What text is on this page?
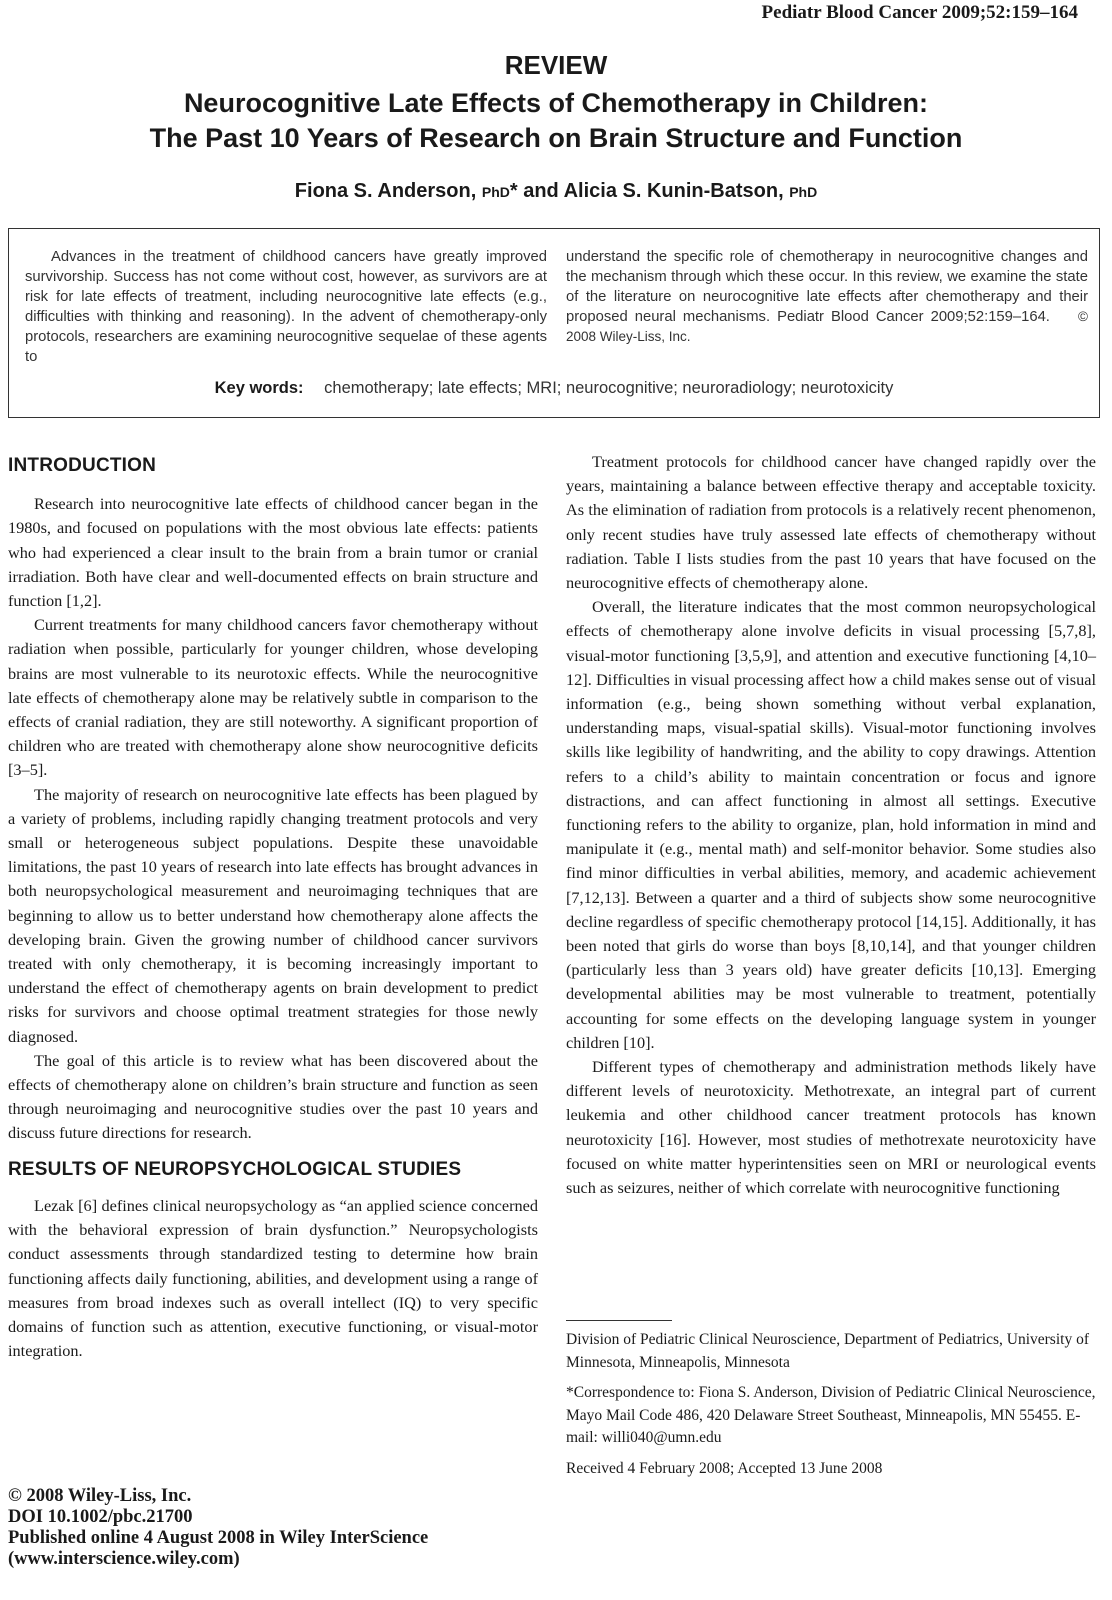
Pediatr Blood Cancer 2009;52:159–164
REVIEW
Neurocognitive Late Effects of Chemotherapy in Children:
The Past 10 Years of Research on Brain Structure and Function
Fiona S. Anderson, PhD* and Alicia S. Kunin-Batson, PhD
Advances in the treatment of childhood cancers have greatly improved survivorship. Success has not come without cost, however, as survivors are at risk for late effects of treatment, including neurocognitive late effects (e.g., difficulties with thinking and reasoning). In the advent of chemotherapy-only protocols, researchers are examining neurocognitive sequelae of these agents to
understand the specific role of chemotherapy in neurocognitive changes and the mechanism through which these occur. In this review, we examine the state of the literature on neurocognitive late effects after chemotherapy and their proposed neural mechanisms. Pediatr Blood Cancer 2009;52:159–164. © 2008 Wiley-Liss, Inc.
Key words: chemotherapy; late effects; MRI; neurocognitive; neuroradiology; neurotoxicity
INTRODUCTION

Research into neurocognitive late effects of childhood cancer began in the 1980s, and focused on populations with the most obvious late effects: patients who had experienced a clear insult to the brain from a brain tumor or cranial irradiation. Both have clear and well-documented effects on brain structure and function [1,2].

Current treatments for many childhood cancers favor chemotherapy without radiation when possible, particularly for younger children, whose developing brains are most vulnerable to its neurotoxic effects. While the neurocognitive late effects of chemotherapy alone may be relatively subtle in comparison to the effects of cranial radiation, they are still noteworthy. A significant proportion of children who are treated with chemotherapy alone show neurocognitive deficits [3–5].

The majority of research on neurocognitive late effects has been plagued by a variety of problems, including rapidly changing treatment protocols and very small or heterogeneous subject populations. Despite these unavoidable limitations, the past 10 years of research into late effects has brought advances in both neuropsychological measurement and neuroimaging techniques that are beginning to allow us to better understand how chemotherapy alone affects the developing brain. Given the growing number of childhood cancer survivors treated with only chemotherapy, it is becoming increasingly important to understand the effect of chemotherapy agents on brain development to predict risks for survivors and choose optimal treatment strategies for those newly diagnosed.

The goal of this article is to review what has been discovered about the effects of chemotherapy alone on children’s brain structure and function as seen through neuroimaging and neurocognitive studies over the past 10 years and discuss future directions for research.

RESULTS OF NEUROPSYCHOLOGICAL STUDIES

Lezak [6] defines clinical neuropsychology as “an applied science concerned with the behavioral expression of brain dysfunction.” Neuropsychologists conduct assessments through standardized testing to determine how brain functioning affects daily functioning, abilities, and development using a range of measures from broad indexes such as overall intellect (IQ) to very specific domains of function such as attention, executive functioning, or visual-motor integration.

Treatment protocols for childhood cancer have changed rapidly over the years, maintaining a balance between effective therapy and acceptable toxicity. As the elimination of radiation from protocols is a relatively recent phenomenon, only recent studies have truly assessed late effects of chemotherapy without radiation. Table I lists studies from the past 10 years that have focused on the neurocognitive effects of chemotherapy alone.

Overall, the literature indicates that the most common neuropsychological effects of chemotherapy alone involve deficits in visual processing [5,7,8], visual-motor functioning [3,5,9], and attention and executive functioning [4,10–12]. Difficulties in visual processing affect how a child makes sense out of visual information (e.g., being shown something without verbal explanation, understanding maps, visual-spatial skills). Visual-motor functioning involves skills like legibility of handwriting, and the ability to copy drawings. Attention refers to a child’s ability to maintain concentration or focus and ignore distractions, and can affect functioning in almost all settings. Executive functioning refers to the ability to organize, plan, hold information in mind and manipulate it (e.g., mental math) and self-monitor behavior. Some studies also find minor difficulties in verbal abilities, memory, and academic achievement [7,12,13]. Between a quarter and a third of subjects show some neurocognitive decline regardless of specific chemotherapy protocol [14,15]. Additionally, it has been noted that girls do worse than boys [8,10,14], and that younger children (particularly less than 3 years old) have greater deficits [10,13]. Emerging developmental abilities may be most vulnerable to treatment, potentially accounting for some effects on the developing language system in younger children [10].

Different types of chemotherapy and administration methods likely have different levels of neurotoxicity. Methotrexate, an integral part of current leukemia and other childhood cancer treatment protocols has known neurotoxicity [16]. However, most studies of methotrexate neurotoxicity have focused on white matter hyperintensities seen on MRI or neurological events such as seizures, neither of which correlate with neurocognitive functioning

Division of Pediatric Clinical Neuroscience, Department of Pediatrics, University of Minnesota, Minneapolis, Minnesota

*Correspondence to: Fiona S. Anderson, Division of Pediatric Clinical Neuroscience, Mayo Mail Code 486, 420 Delaware Street Southeast, Minneapolis, MN 55455. E-mail: willi040@umn.edu

Received 4 February 2008; Accepted 13 June 2008

© 2008 Wiley-Liss, Inc.
DOI 10.1002/pbc.21700
Published online 4 August 2008 in Wiley InterScience
(www.interscience.wiley.com)
